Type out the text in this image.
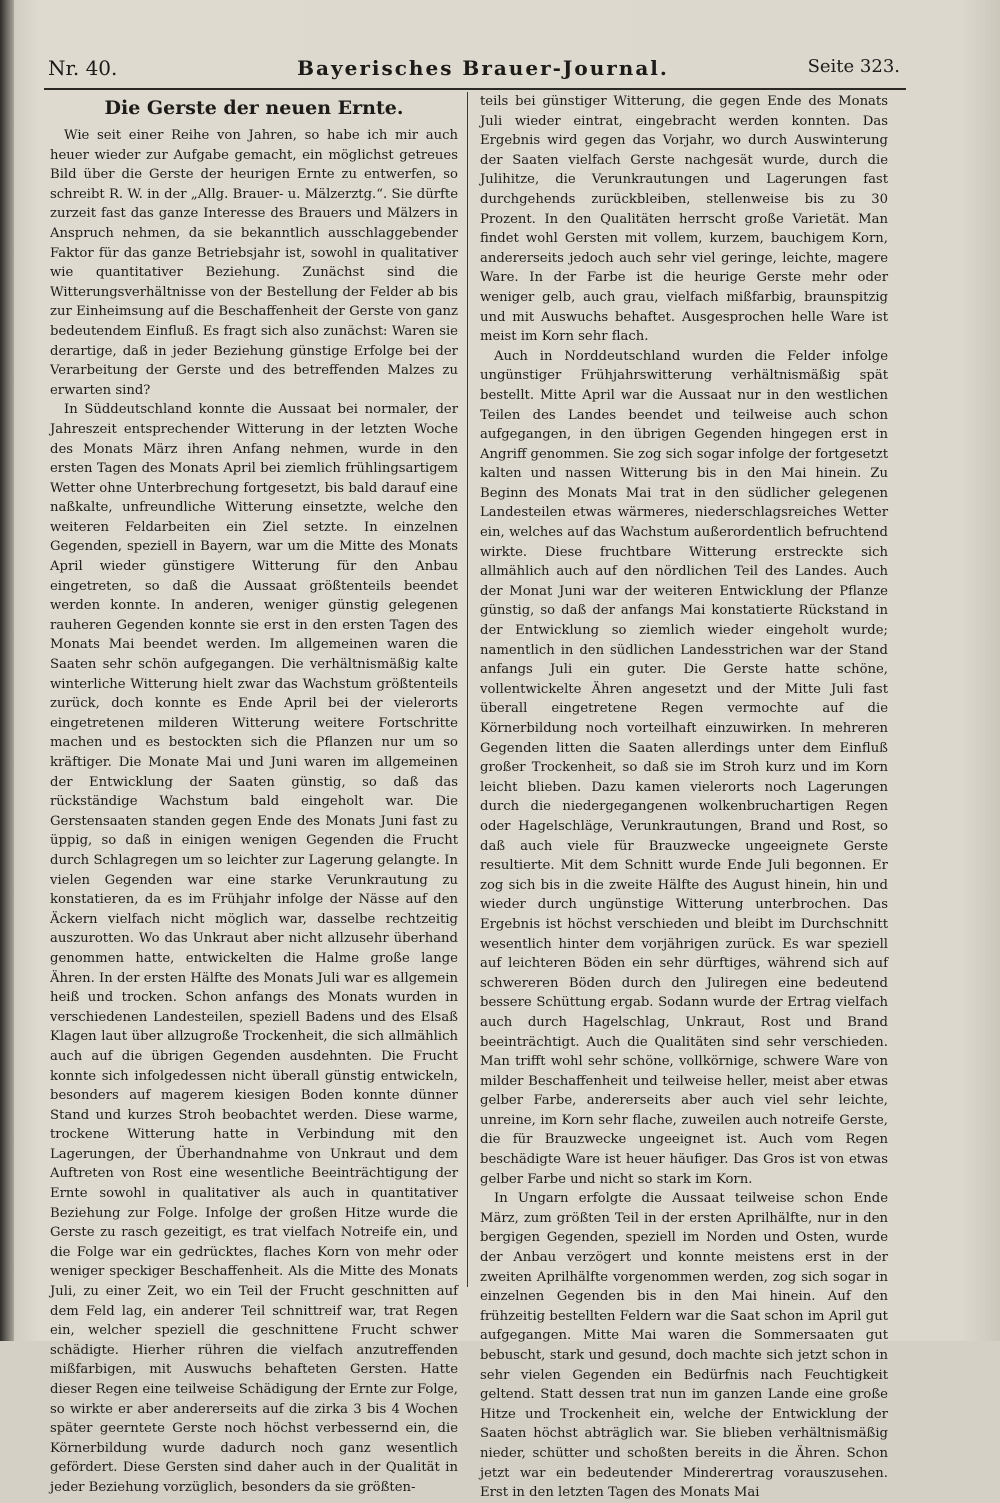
Nr. 40.	Bayerisches Brauer-Journal.	Seite 323.
Die Gerste der neuen Ernte.

Wie seit einer Reihe von Jahren, so habe ich mir auch heuer wieder zur Aufgabe gemacht, ein möglichst getreues Bild über die Gerste der heurigen Ernte zu entwerfen, so schreibt R. W. in der „Allg. Brauer- u. Mälzerztg.“. Sie dürfte zurzeit fast das ganze Interesse des Brauers und Mälzers in Anspruch nehmen, da sie bekanntlich ausschlaggebender Faktor für das ganze Betriebsjahr ist, sowohl in qualitativer wie quantitativer Beziehung. Zunächst sind die Witterungsverhältnisse von der Bestellung der Felder ab bis zur Einheimsung auf die Beschaffenheit der Gerste von ganz bedeutendem Einfluß. Es fragt sich also zunächst: Waren sie derartige, daß in jeder Beziehung günstige Erfolge bei der Verarbeitung der Gerste und des betreffenden Malzes zu erwarten sind?

In Süddeutschland konnte die Aussaat bei normaler, der Jahreszeit entsprechender Witterung in der letzten Woche des Monats März ihren Anfang nehmen, wurde in den ersten Tagen des Monats April bei ziemlich frühlingsartigem Wetter ohne Unterbrechung fortgesetzt, bis bald darauf eine naßkalte, unfreundliche Witterung einsetzte, welche den weiteren Feldarbeiten ein Ziel setzte. In einzelnen Gegenden, speziell in Bayern, war um die Mitte des Monats April wieder günstigere Witterung für den Anbau eingetreten, so daß die Aussaat größtenteils beendet werden konnte. In anderen, weniger günstig gelegenen rauheren Gegenden konnte sie erst in den ersten Tagen des Monats Mai beendet werden. Im allgemeinen waren die Saaten sehr schön aufgegangen. Die verhältnismäßig kalte winterliche Witterung hielt zwar das Wachstum größtenteils zurück, doch konnte es Ende April bei der vielerorts eingetretenen milderen Witterung weitere Fortschritte machen und es bestockten sich die Pflanzen nur um so kräftiger. Die Monate Mai und Juni waren im allgemeinen der Entwicklung der Saaten günstig, so daß das rückständige Wachstum bald eingeholt war. Die Gerstensaaten standen gegen Ende des Monats Juni fast zu üppig, so daß in einigen wenigen Gegenden die Frucht durch Schlagregen um so leichter zur Lagerung gelangte. In vielen Gegenden war eine starke Verunkrautung zu konstatieren, da es im Frühjahr infolge der Nässe auf den Äckern vielfach nicht möglich war, dasselbe rechtzeitig auszurotten. Wo das Unkraut aber nicht allzusehr überhand genommen hatte, entwickelten die Halme große lange Ähren. In der ersten Hälfte des Monats Juli war es allgemein heiß und trocken. Schon anfangs des Monats wurden in verschiedenen Landesteilen, speziell Badens und des Elsaß Klagen laut über allzugroße Trockenheit, die sich allmählich auch auf die übrigen Gegenden ausdehnten. Die Frucht konnte sich infolgedessen nicht überall günstig entwickeln, besonders auf magerem kiesigen Boden konnte dünner Stand und kurzes Stroh beobachtet werden. Diese warme, trockene Witterung hatte in Verbindung mit den Lagerungen, der Überhandnahme von Unkraut und dem Auftreten von Rost eine wesentliche Beeinträchtigung der Ernte sowohl in qualitativer als auch in quantitativer Beziehung zur Folge. Infolge der großen Hitze wurde die Gerste zu rasch gezeitigt, es trat vielfach Notreife ein, und die Folge war ein gedrücktes, flaches Korn von mehr oder weniger speckiger Beschaffenheit. Als die Mitte des Monats Juli, zu einer Zeit, wo ein Teil der Frucht geschnitten auf dem Feld lag, ein anderer Teil schnittreif war, trat Regen ein, welcher speziell die geschnittene Frucht schwer schädigte. Hierher rühren die vielfach anzutreffenden mißfarbigen, mit Auswuchs behafteten Gersten. Hatte dieser Regen eine teilweise Schädigung der Ernte zur Folge, so wirkte er aber andererseits auf die zirka 3 bis 4 Wochen später geerntete Gerste noch höchst verbessernd ein, die Körnerbildung wurde dadurch noch ganz wesentlich gefördert. Diese Gersten sind daher auch in der Qualität in jeder Beziehung vorzüglich, besonders da sie größten-

teils bei günstiger Witterung, die gegen Ende des Monats Juli wieder eintrat, eingebracht werden konnten. Das Ergebnis wird gegen das Vorjahr, wo durch Auswinterung der Saaten vielfach Gerste nachgesät wurde, durch die Julihitze, die Verunkrautungen und Lagerungen fast durchgehends zurückbleiben, stellenweise bis zu 30 Prozent. In den Qualitäten herrscht große Varietät. Man findet wohl Gersten mit vollem, kurzem, bauchigem Korn, andererseits jedoch auch sehr viel geringe, leichte, magere Ware. In der Farbe ist die heurige Gerste mehr oder weniger gelb, auch grau, vielfach mißfarbig, braunspitzig und mit Auswuchs behaftet. Ausgesprochen helle Ware ist meist im Korn sehr flach.

Auch in Norddeutschland wurden die Felder infolge ungünstiger Frühjahrswitterung verhältnismäßig spät bestellt. Mitte April war die Aussaat nur in den westlichen Teilen des Landes beendet und teilweise auch schon aufgegangen, in den übrigen Gegenden hingegen erst in Angriff genommen. Sie zog sich sogar infolge der fortgesetzt kalten und nassen Witterung bis in den Mai hinein. Zu Beginn des Monats Mai trat in den südlicher gelegenen Landesteilen etwas wärmeres, niederschlagsreiches Wetter ein, welches auf das Wachstum außerordentlich befruchtend wirkte. Diese fruchtbare Witterung erstreckte sich allmählich auch auf den nördlichen Teil des Landes. Auch der Monat Juni war der weiteren Entwicklung der Pflanze günstig, so daß der anfangs Mai konstatierte Rückstand in der Entwicklung so ziemlich wieder eingeholt wurde; namentlich in den südlichen Landesstrichen war der Stand anfangs Juli ein guter. Die Gerste hatte schöne, vollentwickelte Ähren angesetzt und der Mitte Juli fast überall eingetretene Regen vermochte auf die Körnerbildung noch vorteilhaft einzuwirken. In mehreren Gegenden litten die Saaten allerdings unter dem Einfluß großer Trockenheit, so daß sie im Stroh kurz und im Korn leicht blieben. Dazu kamen vielerorts noch Lagerungen durch die niedergegangenen wolkenbruchartigen Regen oder Hagelschläge, Verunkrautungen, Brand und Rost, so daß auch viele für Brauzwecke ungeeignete Gerste resultierte. Mit dem Schnitt wurde Ende Juli begonnen. Er zog sich bis in die zweite Hälfte des August hinein, hin und wieder durch ungünstige Witterung unterbrochen. Das Ergebnis ist höchst verschieden und bleibt im Durchschnitt wesentlich hinter dem vorjährigen zurück. Es war speziell auf leichteren Böden ein sehr dürftiges, während sich auf schwereren Böden durch den Juliregen eine bedeutend bessere Schüttung ergab. Sodann wurde der Ertrag vielfach auch durch Hagelschlag, Unkraut, Rost und Brand beeinträchtigt. Auch die Qualitäten sind sehr verschieden. Man trifft wohl sehr schöne, vollkörnige, schwere Ware von milder Beschaffenheit und teilweise heller, meist aber etwas gelber Farbe, andererseits aber auch viel sehr leichte, unreine, im Korn sehr flache, zuweilen auch notreife Gerste, die für Brauzwecke ungeeignet ist. Auch vom Regen beschädigte Ware ist heuer häufiger. Das Gros ist von etwas gelber Farbe und nicht so stark im Korn.

In Ungarn erfolgte die Aussaat teilweise schon Ende März, zum größten Teil in der ersten Aprilhälfte, nur in den bergigen Gegenden, speziell im Norden und Osten, wurde der Anbau verzögert und konnte meistens erst in der zweiten Aprilhälfte vorgenommen werden, zog sich sogar in einzelnen Gegenden bis in den Mai hinein. Auf den frühzeitig bestellten Feldern war die Saat schon im April gut aufgegangen. Mitte Mai waren die Sommersaaten gut bebuscht, stark und gesund, doch machte sich jetzt schon in sehr vielen Gegenden ein Bedürfnis nach Feuchtigkeit geltend. Statt dessen trat nun im ganzen Lande eine große Hitze und Trockenheit ein, welche der Entwicklung der Saaten höchst abträglich war. Sie blieben verhältnismäßig nieder, schütter und schoßten bereits in die Ähren. Schon jetzt war ein bedeutender Minderertrag vorauszusehen. Erst in den letzten Tagen des Monats Mai
